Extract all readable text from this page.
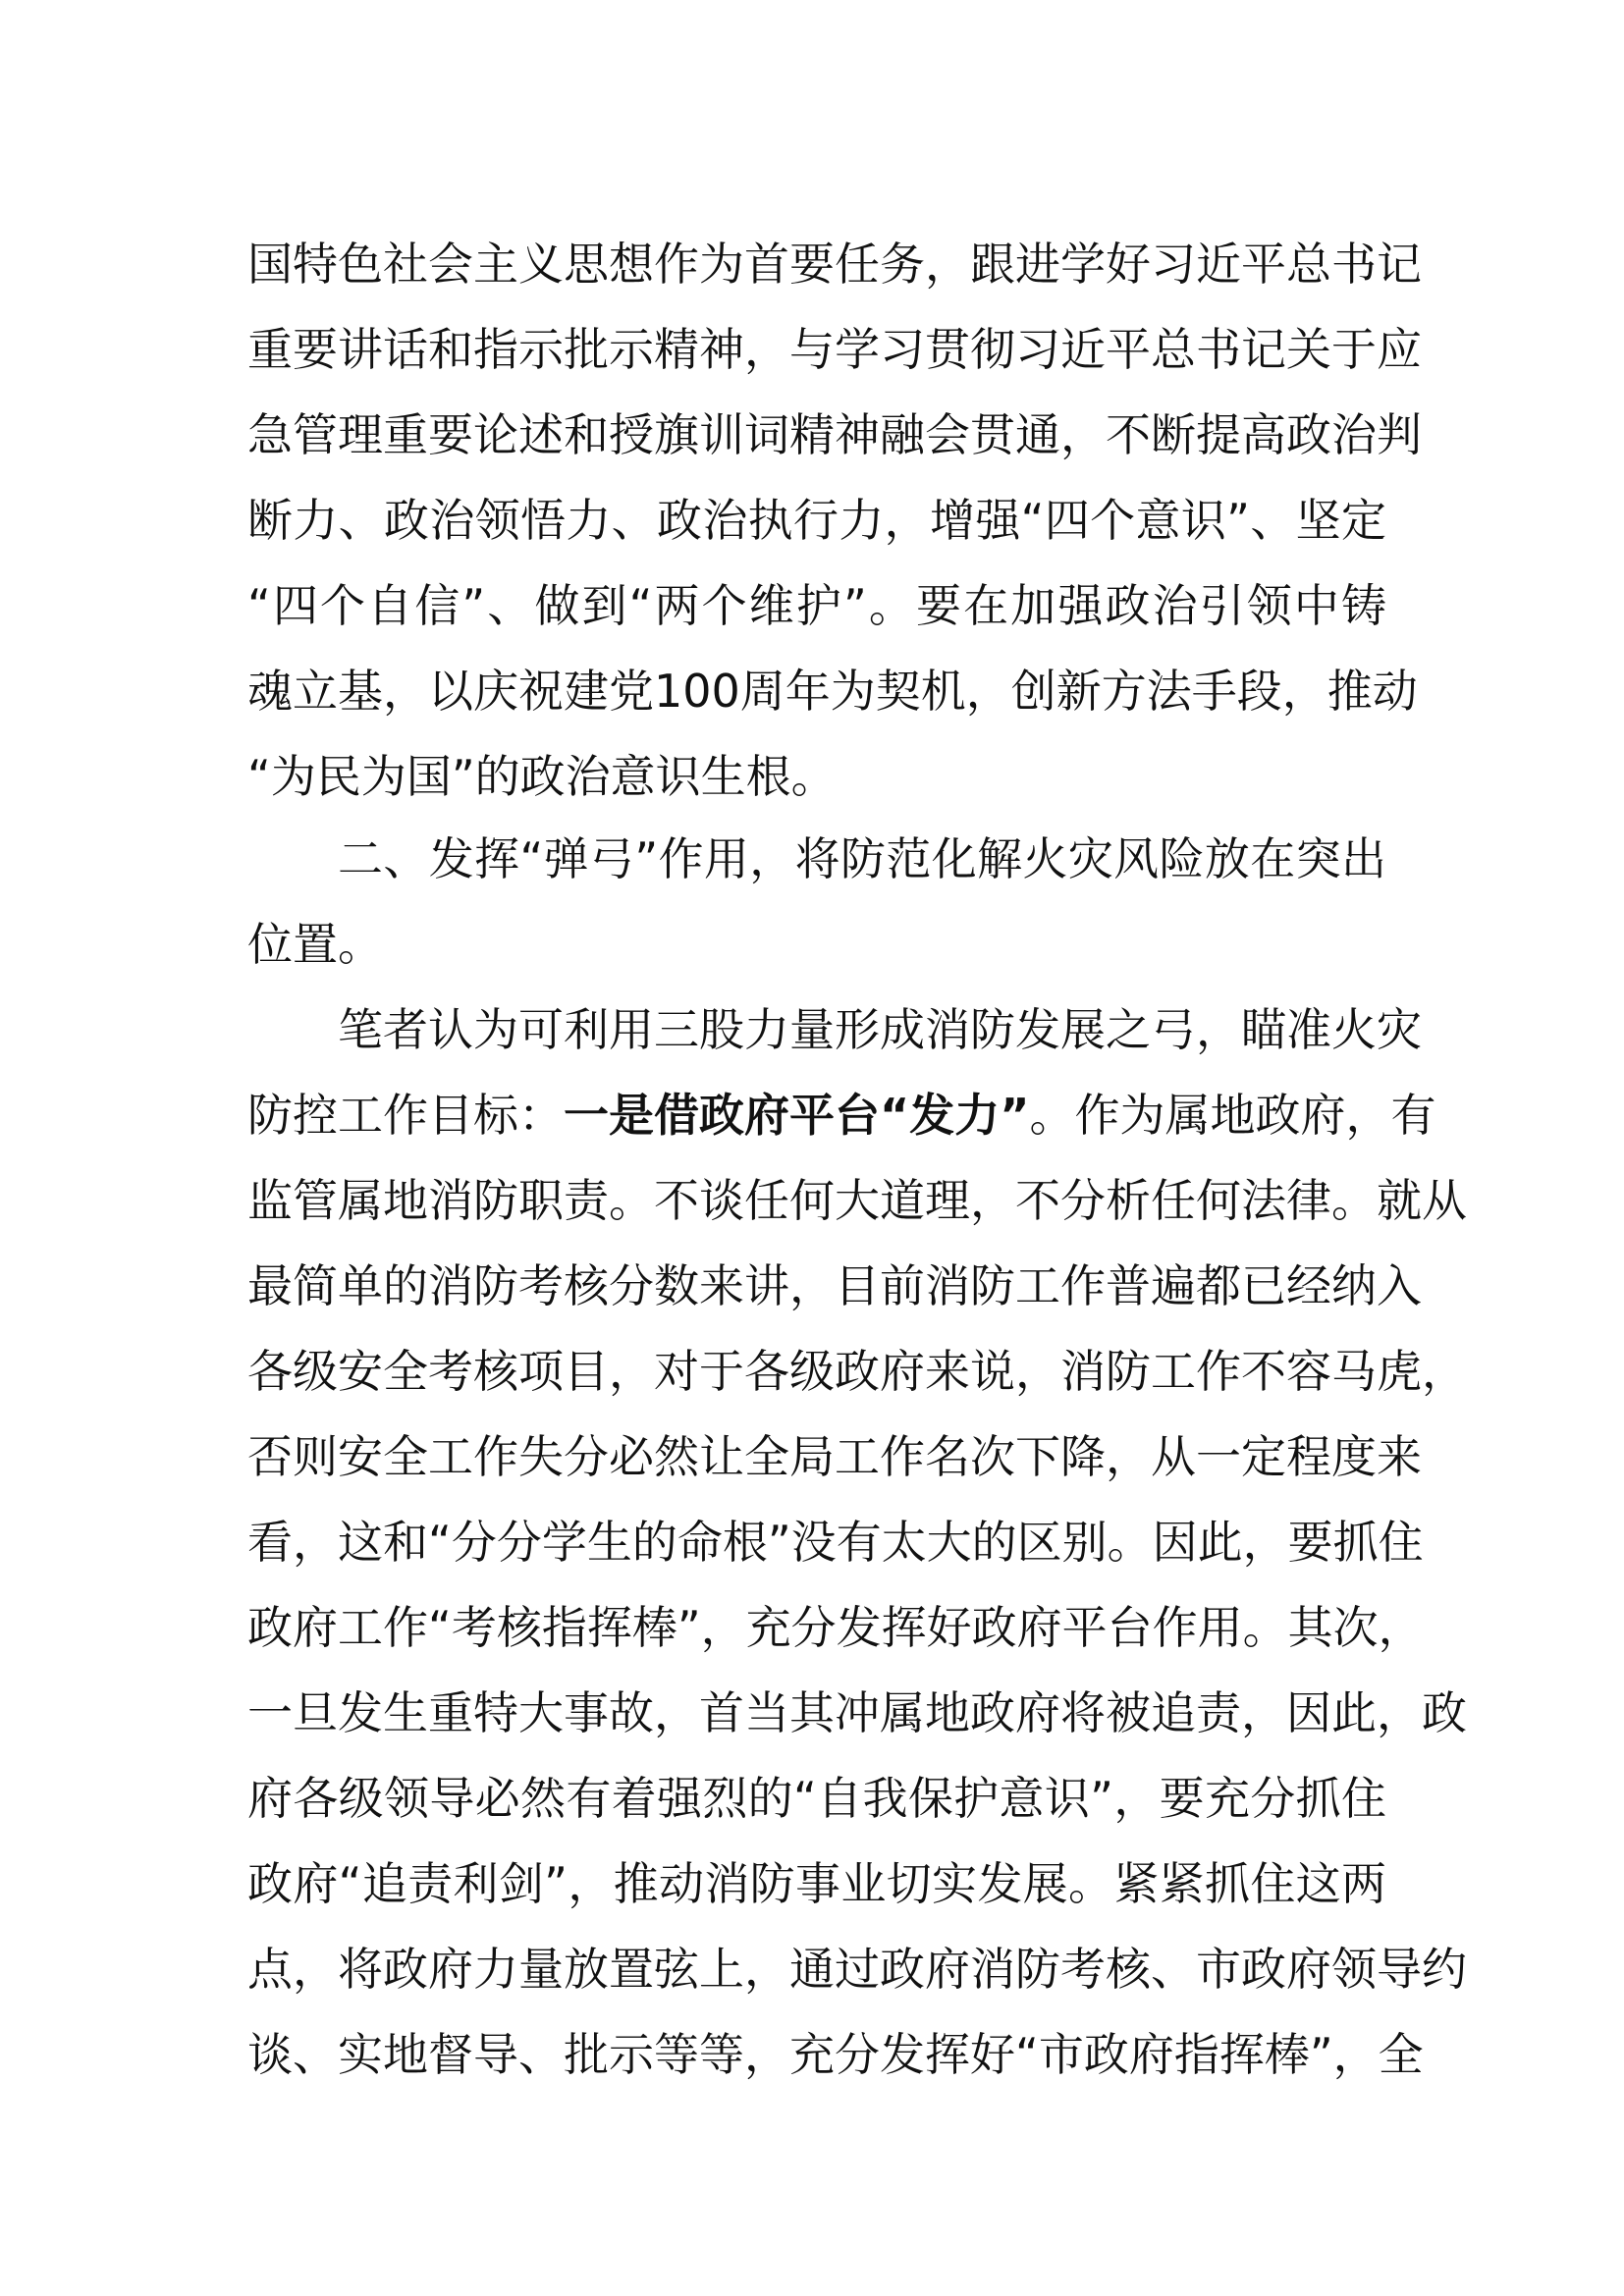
国特色社会主义思想作为首要任务，跟进学好习近平总书记
重要讲话和指示批示精神，与学习贯彻习近平总书记关于应
急管理重要论述和授旗训词精神融会贯通，不断提高政治判
断力、政治领悟力、政治执行力，增强“四个意识”、坚定
“四个自信”、做到“两个维护”。要在加强政治引领中铸
魂立基，以庆祝建党100周年为契机，创新方法手段，推动
“为民为国”的政治意识生根。
二、发挥“弹弓”作用，将防范化解火灾风险放在突出
位置。
笔者认为可利用三股力量形成消防发展之弓，瞄准火灾
防控工作目标：一是借政府平台“发力”。作为属地政府，有
监管属地消防职责。不谈任何大道理，不分析任何法律。就从
最简单的消防考核分数来讲，目前消防工作普遍都已经纳入
各级安全考核项目，对于各级政府来说，消防工作不容马虎，
否则安全工作失分必然让全局工作名次下降，从一定程度来
看，这和“分分学生的命根”没有太大的区别。因此，要抓住
政府工作“考核指挥棒”，充分发挥好政府平台作用。其次，
一旦发生重特大事故，首当其冲属地政府将被追责，因此，政
府各级领导必然有着强烈的“自我保护意识”，要充分抓住
政府“追责利剑”，推动消防事业切实发展。紧紧抓住这两
点，将政府力量放置弦上，通过政府消防考核、市政府领导约
谈、实地督导、批示等等，充分发挥好“市政府指挥棒”，全
